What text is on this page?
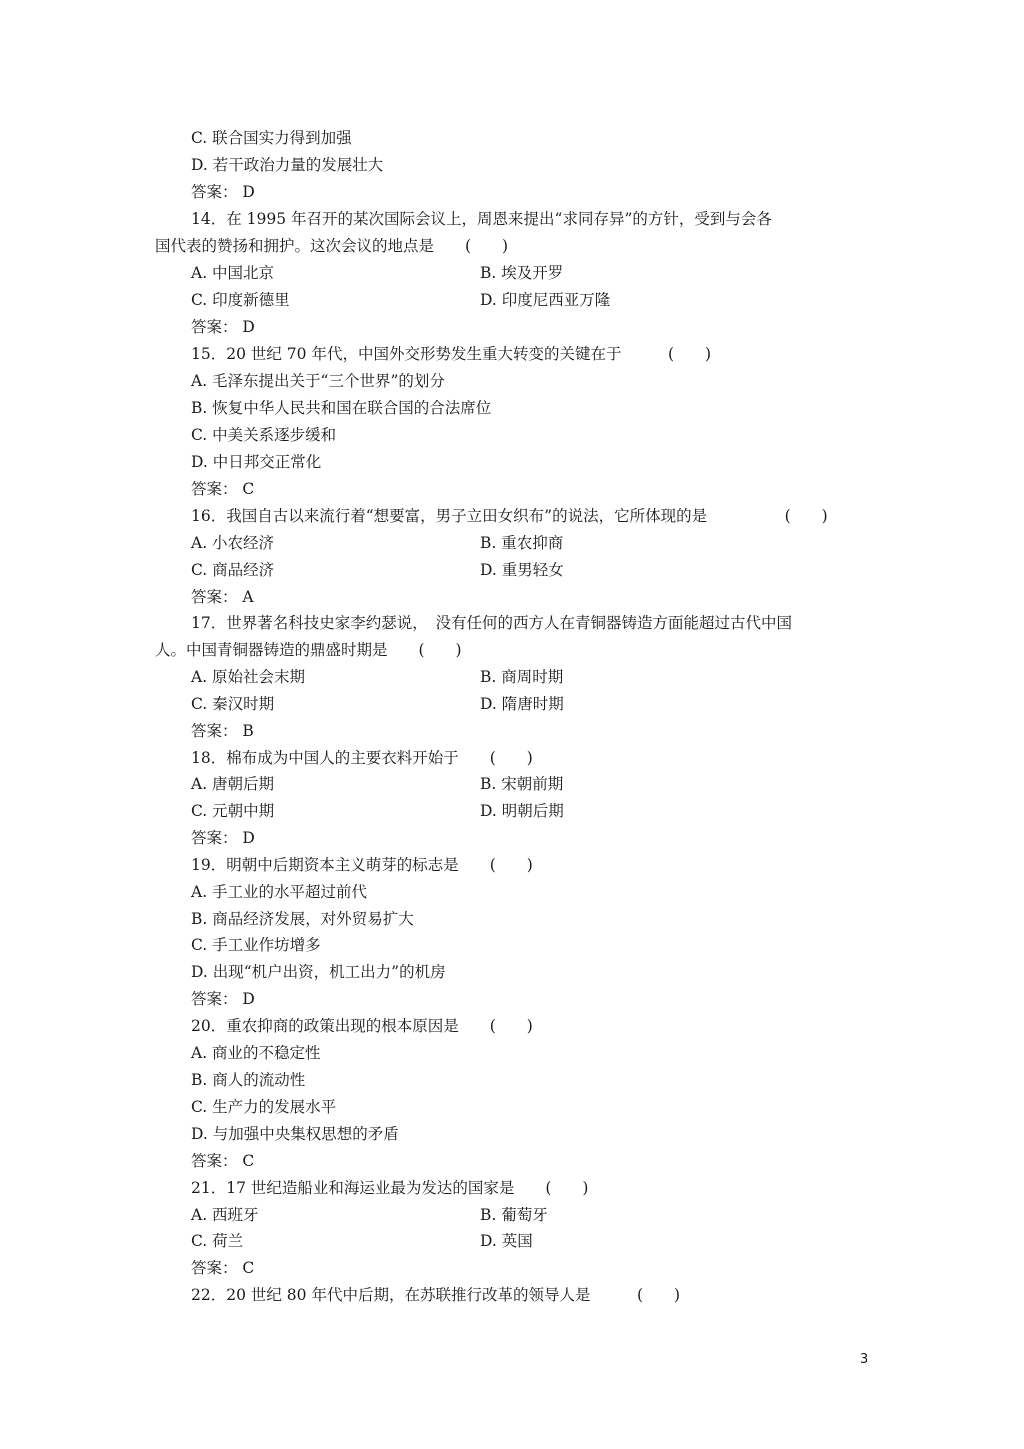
C. 联合国实力得到加强
D. 若干政治力量的发展壮大
答案： D
14．在 1995 年召开的某次国际会议上，周恩来提出“求同存异”的方针，受到与会各
国代表的赞扬和拥护。这次会议的地点是　　(　　)
A. 中国北京	B. 埃及开罗
C. 印度新德里	D. 印度尼西亚万隆
答案： D
15．20 世纪 70 年代，中国外交形势发生重大转变的关键在于　　　(　　)
A. 毛泽东提出关于“三个世界”的划分
B. 恢复中华人民共和国在联合国的合法席位
C. 中美关系逐步缓和
D. 中日邦交正常化
答案： C
16．我国自古以来流行着“想要富，男子立田女织布”的说法，它所体现的是　　　　　(　　)
A. 小农经济	B. 重农抑商
C. 商品经济	D. 重男轻女
答案： A
17．世界著名科技史家李约瑟说，　没有任何的西方人在青铜器铸造方面能超过古代中国
人。中国青铜器铸造的鼎盛时期是　　(　　)
A. 原始社会末期	B. 商周时期
C. 秦汉时期	D. 隋唐时期
答案： B
18．棉布成为中国人的主要衣料开始于　　(　　)
A. 唐朝后期	B. 宋朝前期
C. 元朝中期	D. 明朝后期
答案： D
19．明朝中后期资本主义萌芽的标志是　　(　　)
A. 手工业的水平超过前代
B. 商品经济发展，对外贸易扩大
C. 手工业作坊增多
D. 出现“机户出资，机工出力”的机房
答案： D
20．重农抑商的政策出现的根本原因是　　(　　)
A. 商业的不稳定性
B. 商人的流动性
C. 生产力的发展水平
D. 与加强中央集权思想的矛盾
答案： C
21．17 世纪造船业和海运业最为发达的国家是　　(　　)
A. 西班牙	B. 葡萄牙
C. 荷兰	D. 英国
答案： C
22．20 世纪 80 年代中后期，在苏联推行改革的领导人是　　　(　　)
3
